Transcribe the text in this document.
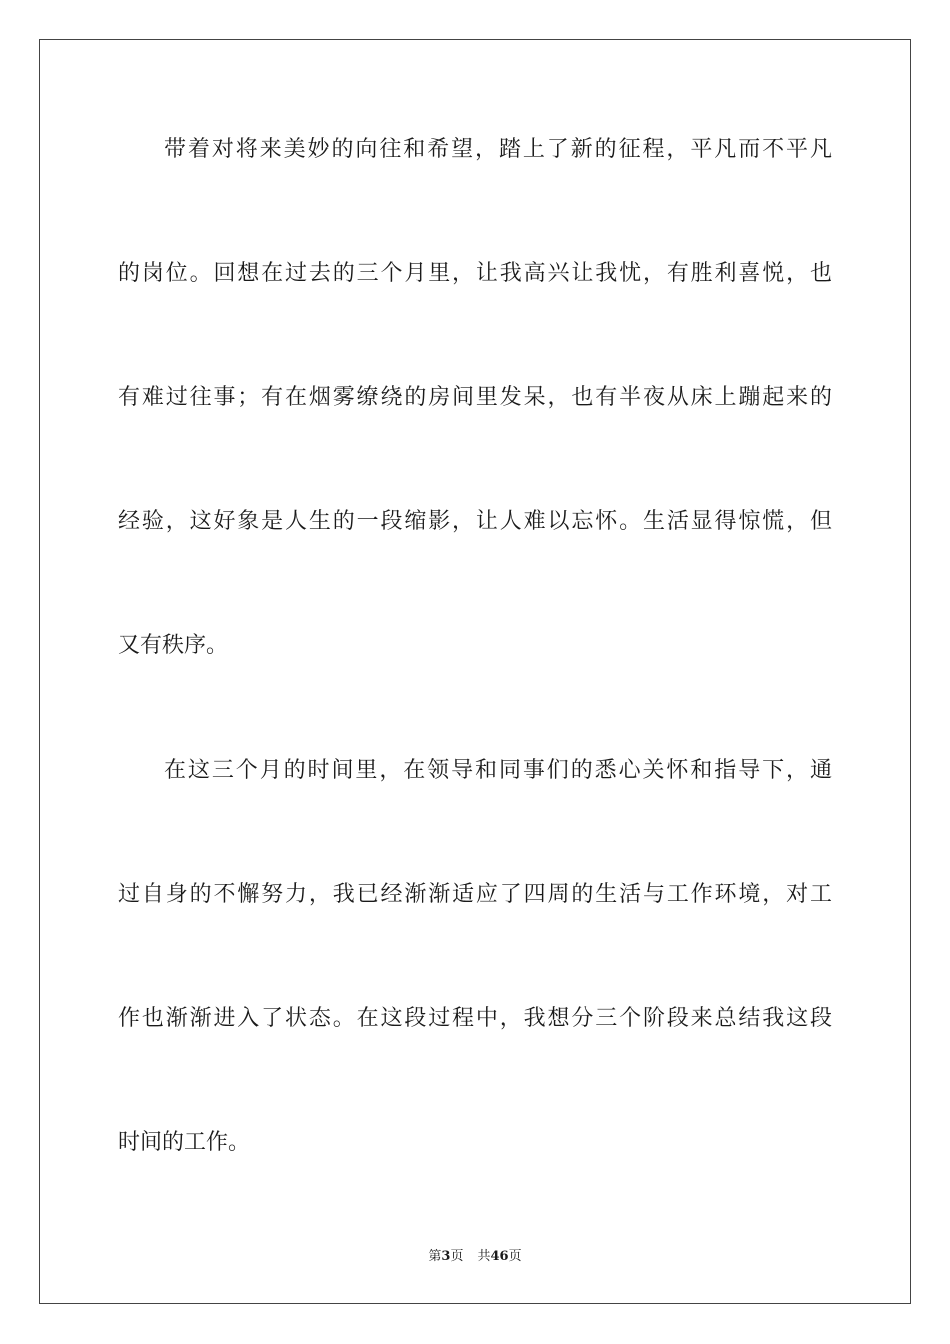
带着对将来美妙的向往和希望，踏上了新的征程，平凡而不平凡
的岗位。回想在过去的三个月里，让我高兴让我忧，有胜利喜悦，也
有难过往事；有在烟雾缭绕的房间里发呆，也有半夜从床上蹦起来的
经验，这好象是人生的一段缩影，让人难以忘怀。生活显得惊慌，但
又有秩序。
在这三个月的时间里，在领导和同事们的悉心关怀和指导下，通
过自身的不懈努力，我已经渐渐适应了四周的生活与工作环境，对工
作也渐渐进入了状态。在这段过程中，我想分三个阶段来总结我这段
时间的工作。
第3页 共46页
